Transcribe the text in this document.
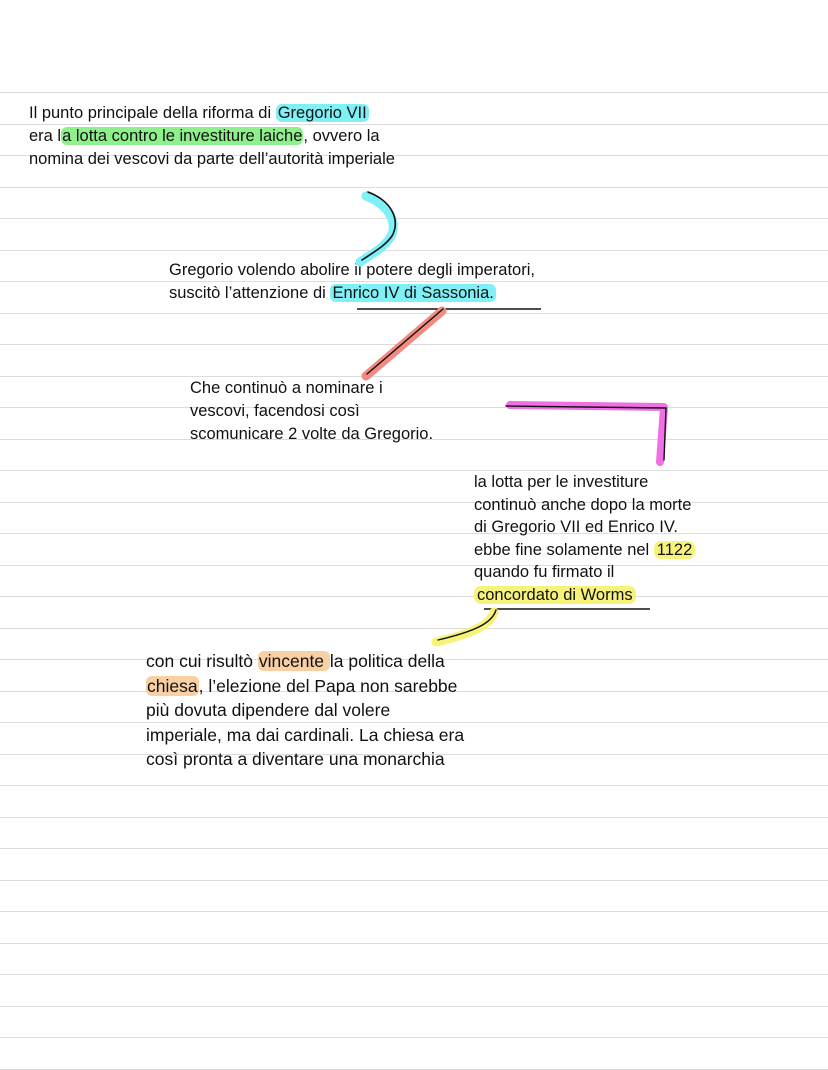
Il punto principale della riforma di Gregorio VII
era la lotta contro le investiture laiche, ovvero la
nomina dei vescovi da parte dell’autorità imperiale
Gregorio volendo abolire il potere degli imperatori,
suscitò l’attenzione di Enrico IV di Sassonia.
Che continuò a nominare i
vescovi, facendosi così
scomunicare 2 volte da Gregorio.
la lotta per le investiture
continuò anche dopo la morte
di Gregorio VII ed Enrico IV.
ebbe fine solamente nel 1122
quando fu firmato il
concordato di Worms
con cui risultò vincente la politica della
chiesa, l’elezione del Papa non sarebbe
più dovuta dipendere dal volere
imperiale, ma dai cardinali. La chiesa era
così pronta a diventare una monarchia
